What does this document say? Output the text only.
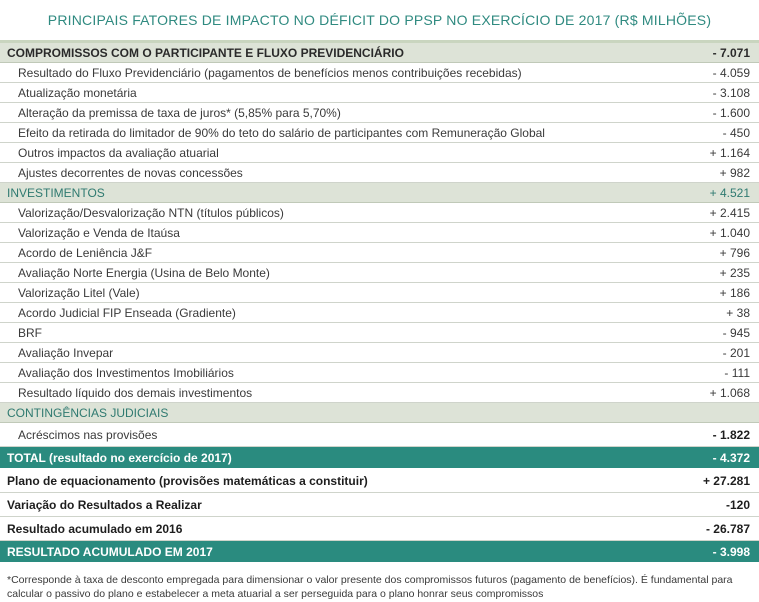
PRINCIPAIS FATORES DE IMPACTO NO DÉFICIT DO PPSP NO EXERCÍCIO DE 2017 (R$ MILHÕES)
COMPROMISSOS COM O PARTICIPANTE E FLUXO PREVIDENCIÁRIO	- 7.071
Resultado do Fluxo Previdenciário (pagamentos de benefícios menos contribuições recebidas)	- 4.059
Atualização monetária	- 3.108
Alteração da premissa de taxa de juros* (5,85% para 5,70%)	- 1.600
Efeito da retirada do limitador de 90% do teto do salário de participantes com Remuneração Global	- 450
Outros impactos da avaliação atuarial	+ 1.164
Ajustes decorrentes de novas concessões	+ 982
INVESTIMENTOS	+ 4.521
Valorização/Desvalorização NTN (títulos públicos)	+ 2.415
Valorização e Venda de Itaúsa	+ 1.040
Acordo de Leniência J&F	+ 796
Avaliação Norte Energia (Usina de Belo Monte)	+ 235
Valorização Litel (Vale)	+ 186
Acordo Judicial FIP Enseada (Gradiente)	+ 38
BRF	- 945
Avaliação Invepar	- 201
Avaliação dos Investimentos Imobiliários	- 111
Resultado líquido dos demais investimentos	+ 1.068
CONTINGÊNCIAS JUDICIAIS
Acréscimos nas provisões	- 1.822
TOTAL (resultado no exercício de 2017)	- 4.372
Plano de equacionamento (provisões matemáticas a constituir)	+ 27.281
Variação do Resultados a Realizar	-120
Resultado acumulado em 2016	- 26.787
RESULTADO ACUMULADO EM 2017	- 3.998
*Corresponde à taxa de desconto empregada para dimensionar o valor presente dos compromissos futuros (pagamento de benefícios). É fundamental para calcular o passivo do plano e estabelecer a meta atuarial a ser perseguida para o plano honrar seus compromissos
